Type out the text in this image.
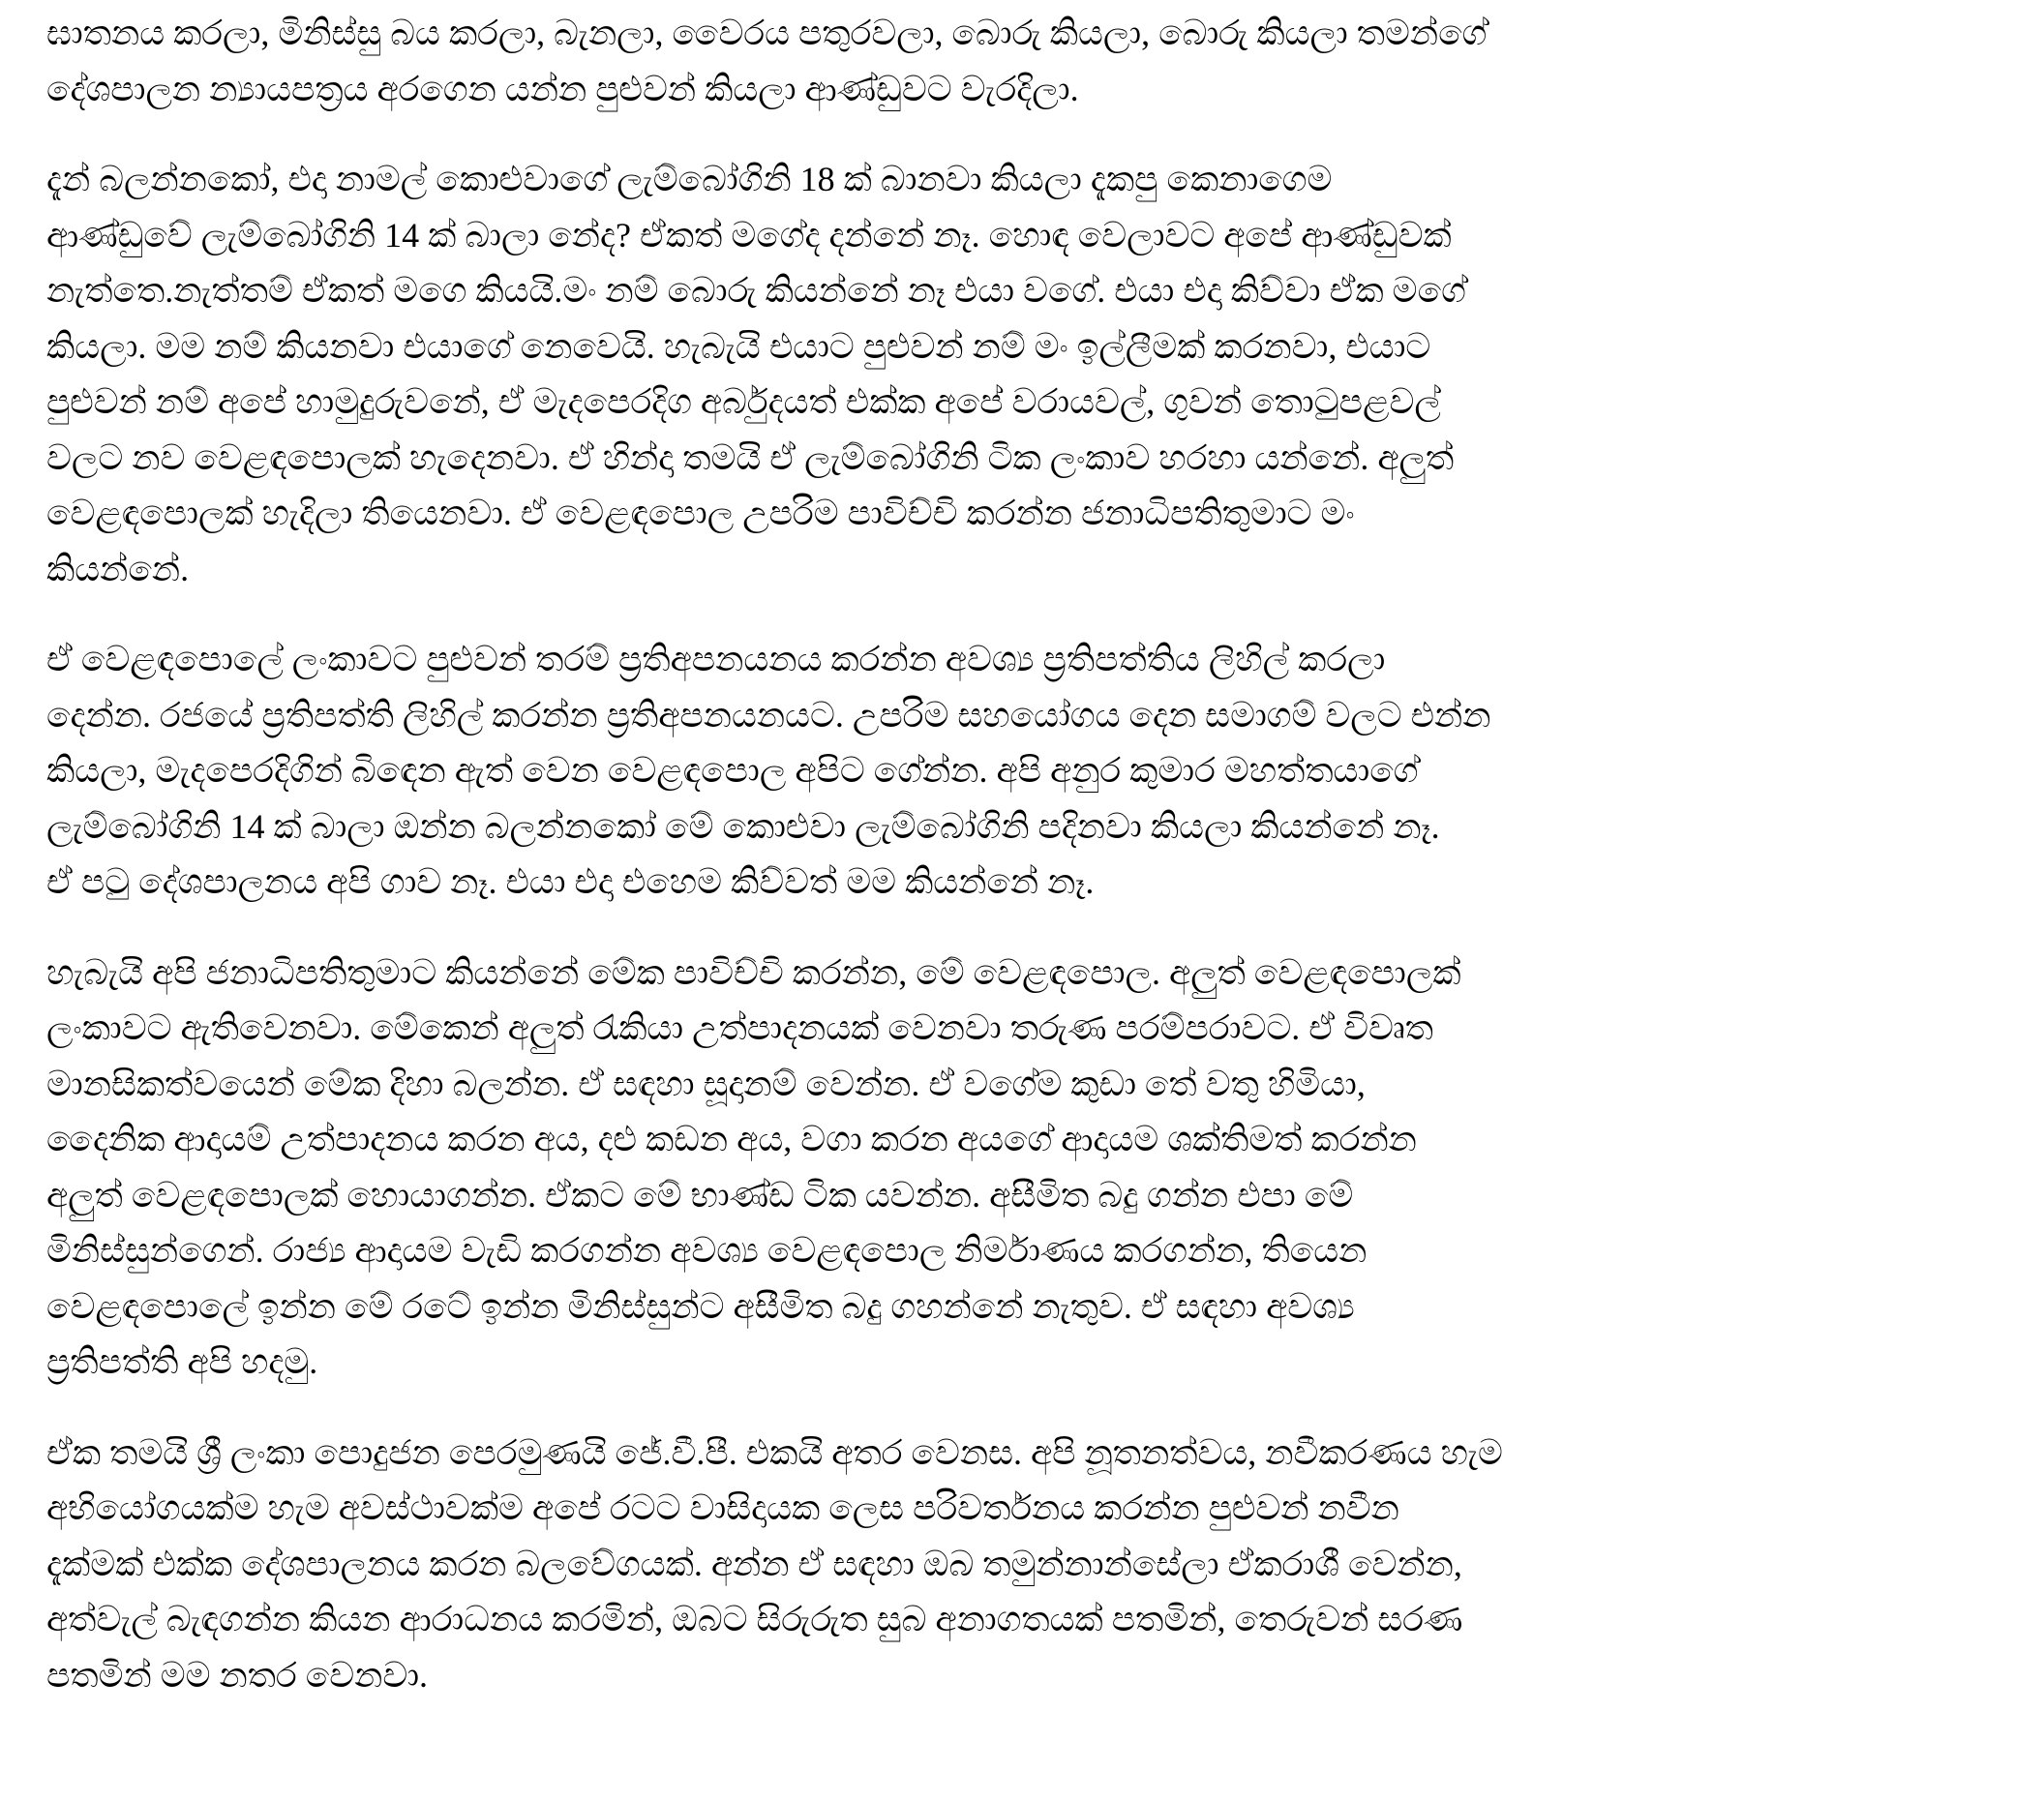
ඝාතනය කරලා, මිනිස්සු බය කරලා, බැනලා, වෛරය පතුරවලා, බොරු කියලා, බොරු කියලා තමන්ගේ
දේශපාලන න්‍යායපත්‍රය අරගෙන යන්න පුළුවන් කියලා ආණ්ඩුවට වැරදිලා.

දැන් බලන්නකෝ, එදා නාමල් කොළුවාගේ ලැම්බෝගිනි 18 ක් බානවා කියලා දැකපු කෙනාගෙම
ආණ්ඩුවේ ලැම්බෝගිනි 14 ක් බාලා නේද? ඒකත් මගේද දන්නේ නෑ. හොඳ වෙලාවට අපේ ආණ්ඩුවක්
නැත්තෙ.නැත්තම් ඒකත් මගෙ කියයි.මං නම් බොරු කියන්නේ නෑ එයා වගේ. එයා එදා කිව්වා ඒක මගේ
කියලා. මම නම් කියනවා එයාගේ නෙවෙයි. හැබැයි එයාට පුළුවන් නම් මං ඉල්ලීමක් කරනවා, එයාට
පුළුවන් නම් අපේ හාමුදුරුවනේ, ඒ මැදපෙරදිග අර්බුදයත් එක්ක අපේ වරායවල්, ගුවන් තොටුපළවල්
වලට නව වෙළඳපොලක් හැදෙනවා. ඒ හින්දා තමයි ඒ ලැම්බෝගිනි ටික ලංකාව හරහා යන්නේ. අලුත්
වෙළඳපොලක් හැදිලා තියෙනවා. ඒ වෙළඳපොල උපරිම පාවිච්චි කරන්න ජනාධිපතිතුමාට මං
කියන්නේ.

ඒ වෙළඳපොලේ ලංකාවට පුළුවන් තරම් ප්‍රතිඅපනයනය කරන්න අවශ්‍ය ප්‍රතිපත්තිය ලිහිල් කරලා
දෙන්න. රජයේ ප්‍රතිපත්ති ලිහිල් කරන්න ප්‍රතිඅපනයනයට. උපරිම සහයෝගය දෙන සමාගම් වලට එන්න
කියලා, මැදපෙරදිගින් බිඳෙන ඇත් වෙන වෙළඳපොල අපිට ගේන්න. අපි අනුර කුමාර මහත්තයාගේ
ලැම්බෝගිනි 14 ක් බාලා ඔන්න බලන්නකෝ මේ කොළුවා ලැම්බෝගිනි පදිනවා කියලා කියන්නේ නෑ.
ඒ පටු දේශපාලනය අපි ගාව නෑ. එයා එදා එහෙම කිව්වත් මම කියන්නේ නෑ.

හැබැයි අපි ජනාධිපතිතුමාට කියන්නේ මේක පාවිච්චි කරන්න, මේ වෙළඳපොල. අලුත් වෙළඳපොලක්
ලංකාවට ඇතිවෙනවා. මේකෙන් අලුත් රැකියා උත්පාදනයක් වෙනවා තරුණ පරම්පරාවට. ඒ විවෘත
මානසිකත්වයෙන් මේක දිහා බලන්න. ඒ සඳහා සූදානම් වෙන්න. ඒ වගේම කුඩා තේ වතු හිමියා,
දෛනික ආදායම් උත්පාදනය කරන අය, දළු කඩන අය, වගා කරන අයගේ ආදායම ශක්තිමත් කරන්න
අලුත් වෙළඳපොලක් හොයාගන්න. ඒකට මේ භාණ්ඩ ටික යවන්න. අසීමිත බදු ගන්න එපා මේ
මිනිස්සුන්ගෙන්. රාජ්‍ය ආදායම වැඩි කරගන්න අවශ්‍ය වෙළඳපොල නිර්මාණය කරගන්න, තියෙන
වෙළඳපොලේ ඉන්න මේ රටේ ඉන්න මිනිස්සුන්ට අසීමිත බදු ගහන්නේ නැතුව. ඒ සඳහා අවශ්‍ය
ප්‍රතිපත්ති අපි හදමු.

ඒක තමයි ශ්‍රී ලංකා පොදුජන පෙරමුණයි ජේ.වී.පී. එකයි අතර වෙනස. අපි නූතනත්වය, නවීකරණය හැම
අභියෝගයක්ම හැම අවස්ථාවක්ම අපේ රටට වාසිදායක ලෙස පරිවර්තනය කරන්න පුළුවන් නවීන
දැක්මක් එක්ක දේශපාලනය කරන බලවේගයක්. අන්න ඒ සඳහා ඔබ තමුන්නාන්සේලා ඒකරාශී වෙන්න,
අත්වැල් බැඳගන්න කියන ආරාධනය කරමින්, ඔබට සිරුරුත සුබ අනාගතයක් පතමින්, තෙරුවන් සරණ
පතමින් මම නතර වෙනවා.
